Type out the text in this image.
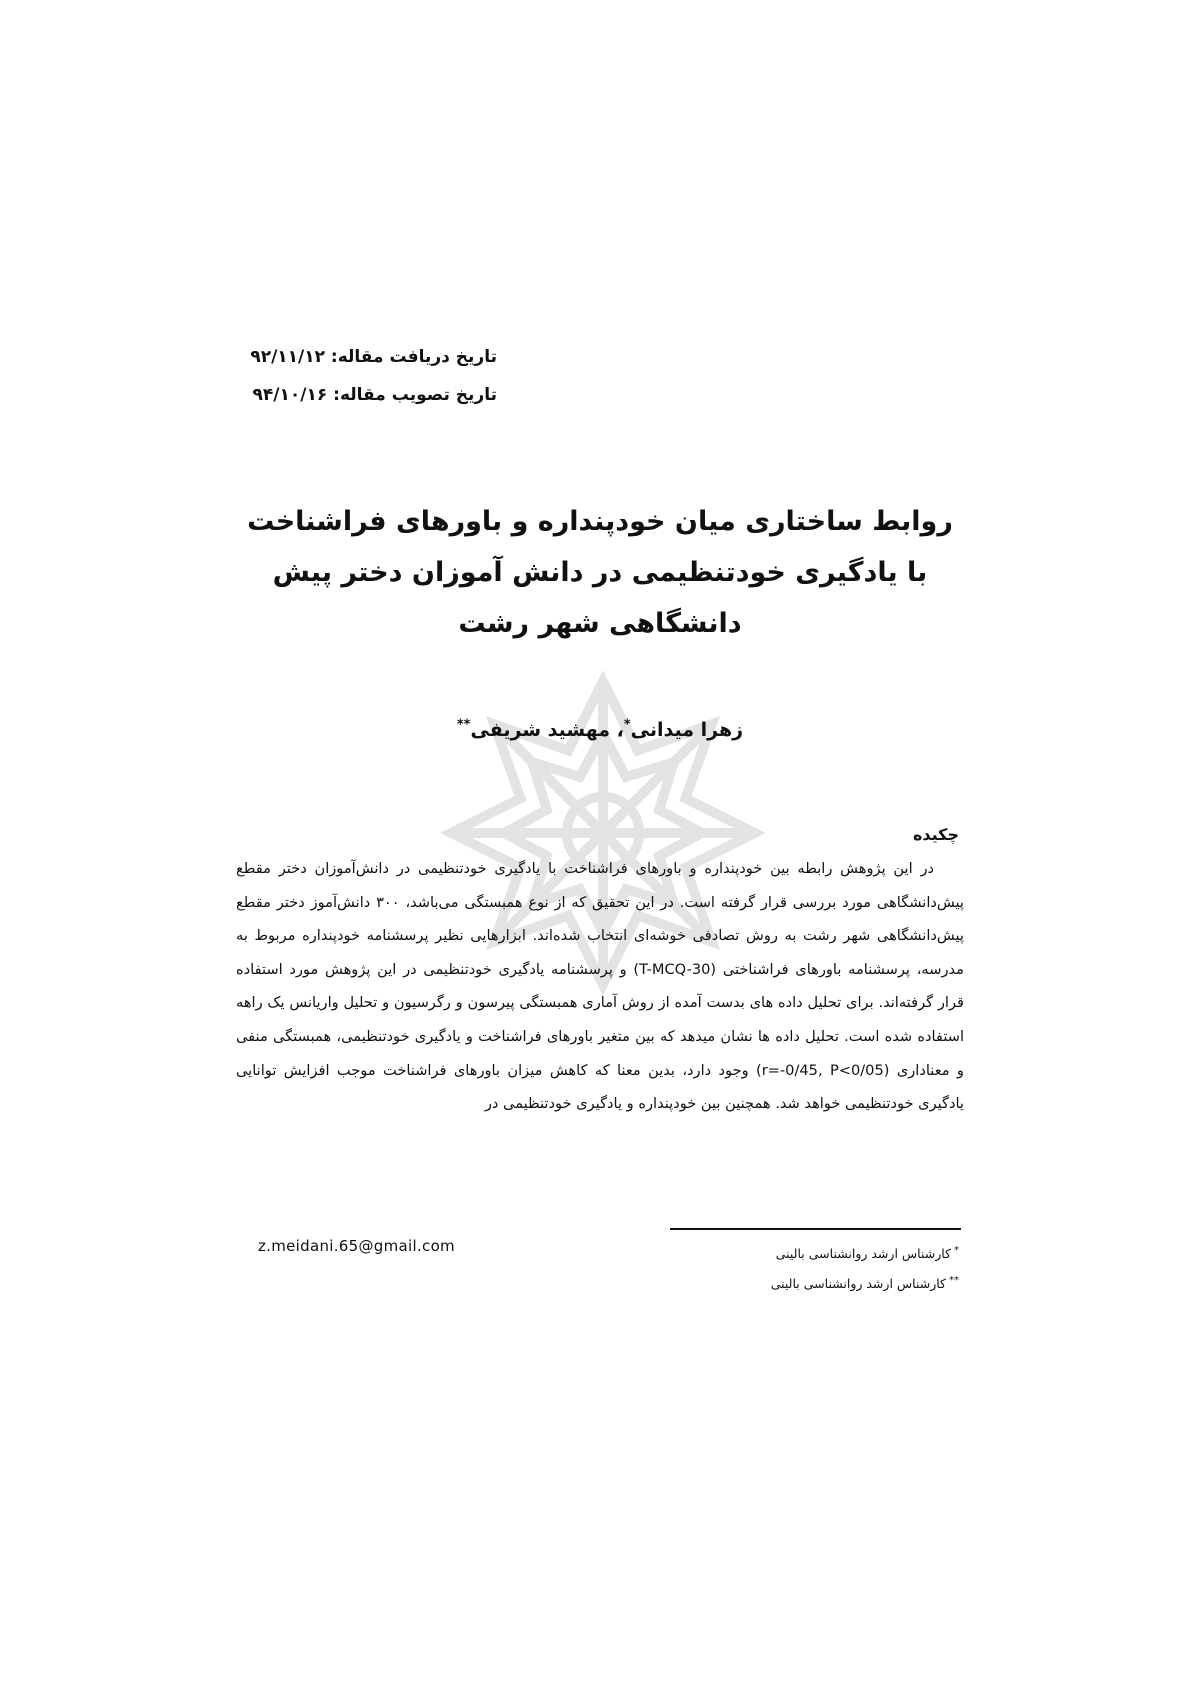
تاریخ دریافت مقاله: ۹۲/۱۱/۱۲
تاریخ تصویب مقاله: ۹۴/۱۰/۱۶
روابط ساختاری میان خودپنداره و باورهای فراشناخت با یادگیری خودتنظیمی در دانش آموزان دختر پیش دانشگاهی شهر رشت
زهرا میدانی*، مهشید شریفی**
چکیده

در این پژوهش رابطه بین خودپنداره و باورهای فراشناخت با یادگیری خودتنظیمی در دانش‌آموزان دختر مقطع پیش‌دانشگاهی مورد بررسی قرار گرفته است. در این تحقیق که از نوع همبستگی می‌باشد، ۳۰۰ دانش‌آموز دختر مقطع پیش‌دانشگاهی شهر رشت به روش تصادفی خوشه‌ای انتخاب شده‌اند. ابزارهایی نظیر پرسشنامه خودپنداره مربوط به مدرسه، پرسشنامه باورهای فراشناختی (T-MCQ-30) و پرسشنامه یادگیری خودتنظیمی در این پژوهش مورد استفاده قرار گرفته‌اند. برای تحلیل داده های بدست آمده از روش آماری همبستگی پیرسون و رگرسیون و تحلیل واریانس یک راهه استفاده شده است. تحلیل داده ها نشان میدهد که بین متغیر باورهای فراشناخت و یادگیری خودتنظیمی، همبستگی منفی و معناداری (r=-0/45, P<0/05) وجود دارد، بدین معنا که کاهش میزان باورهای فراشناخت موجب افزایش توانایی یادگیری خودتنظیمی خواهد شد. همچنین بین خودپنداره و یادگیری خودتنظیمی در

z.meidani.65@gmail.com	*کارشناس ارشد روانشناسی بالینی
**کارشناس ارشد روانشناسی بالینی
